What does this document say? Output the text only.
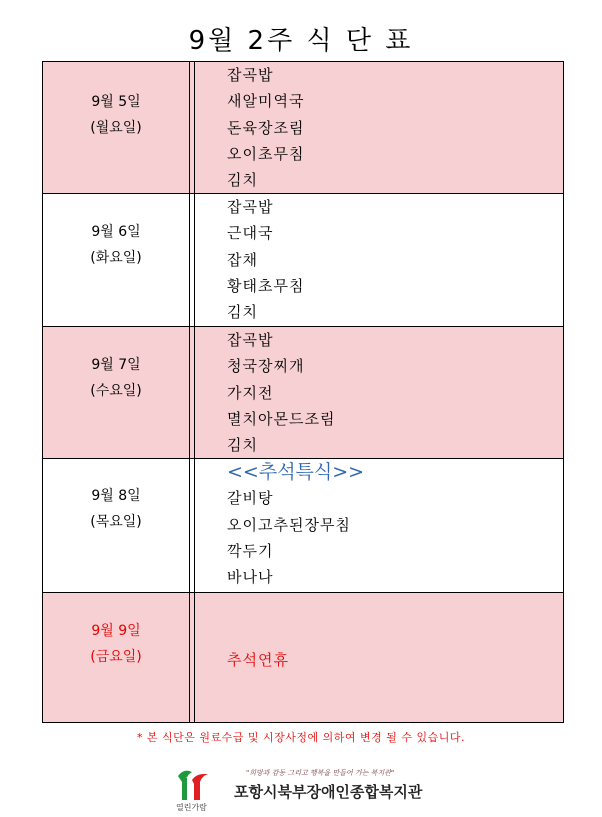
9월 2주 식 단 표
9월 5일
(월요일)
잡곡밥
새알미역국
돈육장조림
오이초무침
김치
9월 6일
(화요일)
잡곡밥
근대국
잡채
황태초무침
김치
9월 7일
(수요일)
잡곡밥
청국장찌개
가지전
멸치아몬드조림
김치
9월 8일
(목요일)
<<추석특식>>
갈비탕
오이고추된장무침
깍두기
바나나
9월 9일
(금요일)	추석연휴
* 본 식단은 원료수급 및 시장사정에 의하여 변경 될 수 있습니다.
열린가람
"희망과 감동 그리고 행복을 만들어 가는 복지관"
포항시북부장애인종합복지관
